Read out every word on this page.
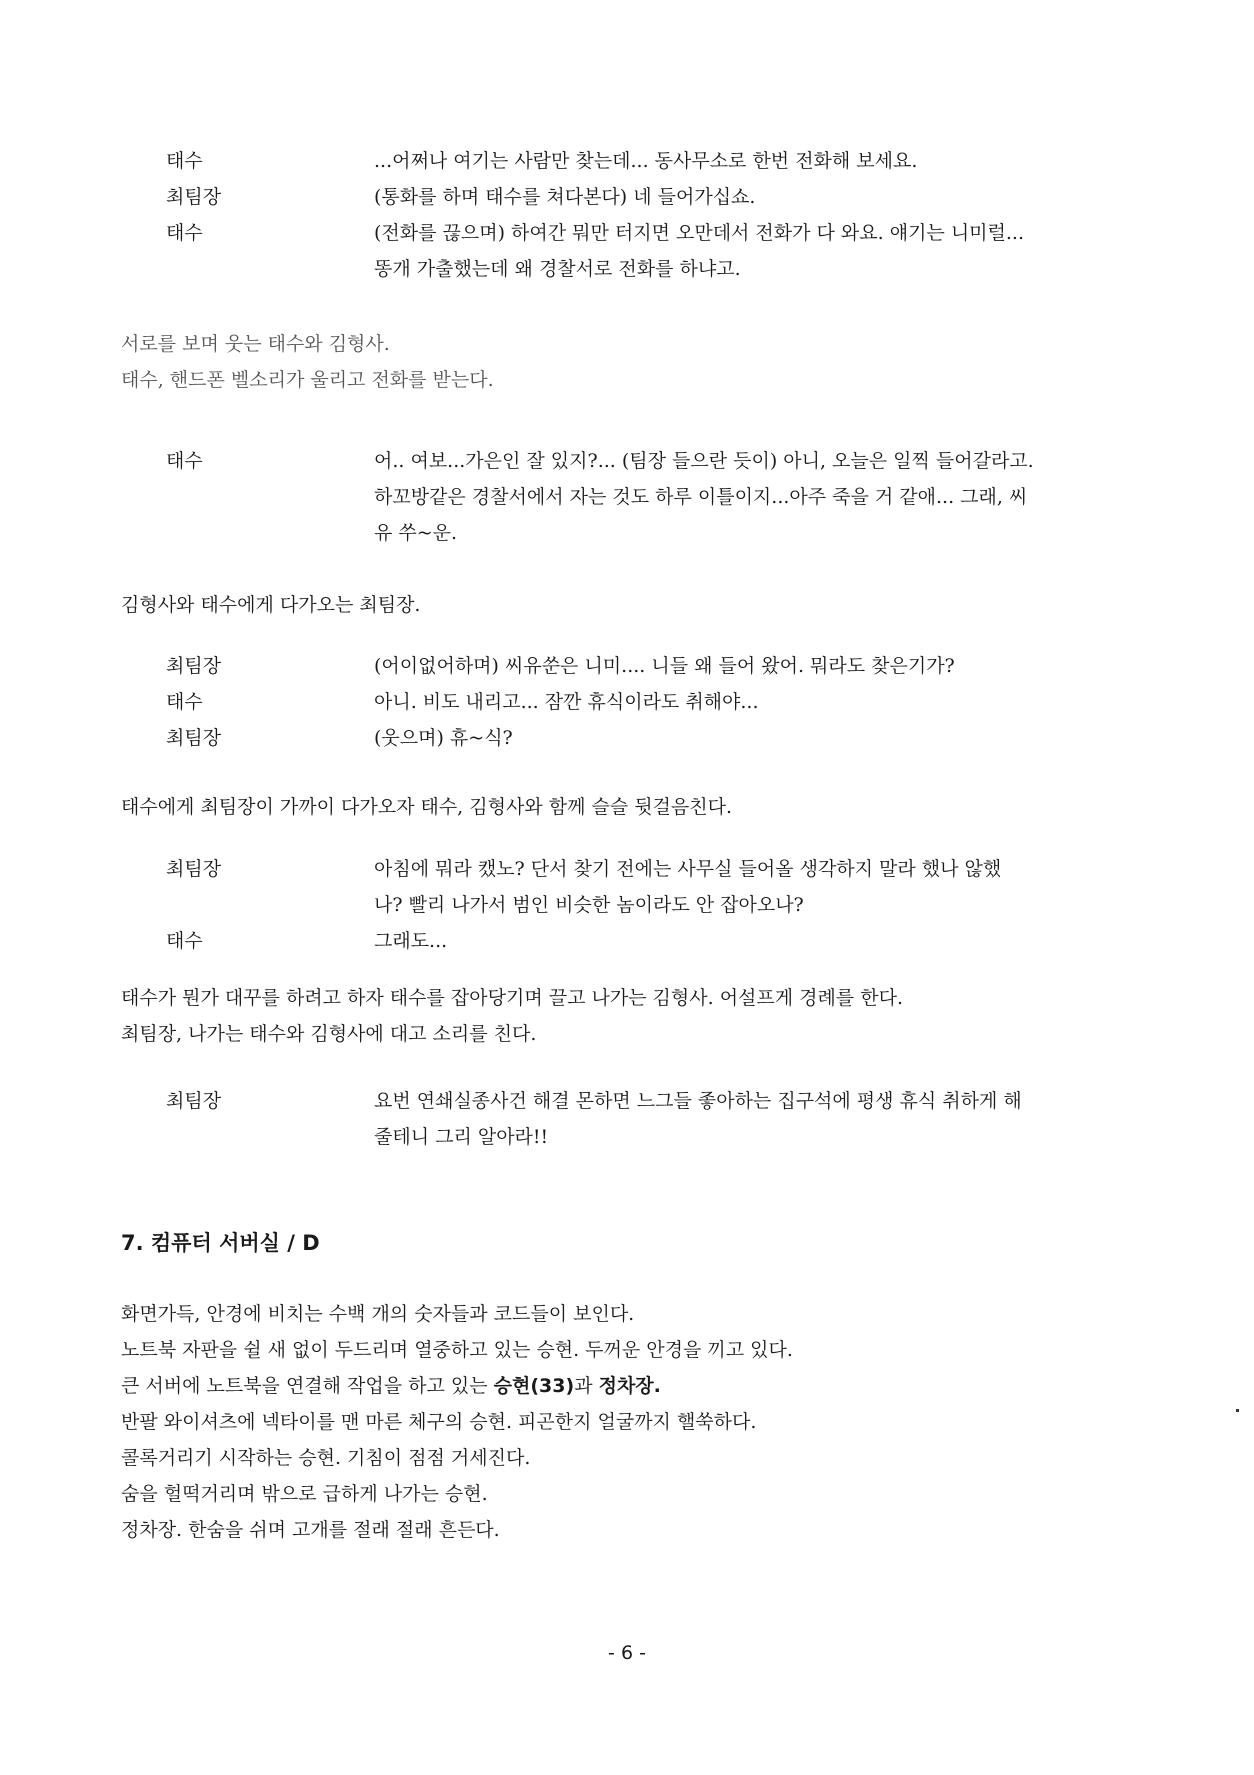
태수	...어쩌나 여기는 사람만 찾는데... 동사무소로 한번 전화해 보세요.
최팀장	(통화를 하며 태수를 쳐다본다) 네 들어가십쇼.
태수	(전화를 끊으며) 하여간 뭐만 터지면 오만데서 전화가 다 와요. 얘기는 니미럴...
똥개 가출했는데 왜 경찰서로 전화를 하냐고.
서로를 보며 웃는 태수와 김형사.
태수, 핸드폰 벨소리가 울리고 전화를 받는다.
태수	어.. 여보...가은인 잘 있지?... (팀장 들으란 듯이) 아니, 오늘은 일찍 들어갈라고.
하꼬방같은 경찰서에서 자는 것도 하루 이틀이지...아주 죽을 거 같애... 그래, 씨
유 쑤~운.
김형사와 태수에게 다가오는 최팀장.
최팀장	(어이없어하며) 씨유쑨은 니미.... 니들 왜 들어 왔어. 뭐라도 찾은기가?
태수	아니. 비도 내리고... 잠깐 휴식이라도 취해야...
최팀장	(웃으며) 휴~식?
태수에게 최팀장이 가까이 다가오자 태수, 김형사와 함께 슬슬 뒷걸음친다.
최팀장	아침에 뭐라 캤노? 단서 찾기 전에는 사무실 들어올 생각하지 말라 했나 않했
나? 빨리 나가서 범인 비슷한 놈이라도 안 잡아오나?
태수	그래도...
태수가 뭔가 대꾸를 하려고 하자 태수를 잡아당기며 끌고 나가는 김형사. 어설프게 경례를 한다.
최팀장, 나가는 태수와 김형사에 대고 소리를 친다.
최팀장	요번 연쇄실종사건 해결 몬하면 느그들 좋아하는 집구석에 평생 휴식 취하게 해
줄테니 그리 알아라!!
7. 컴퓨터 서버실 / D
화면가득, 안경에 비치는 수백 개의 숫자들과 코드들이 보인다.
노트북 자판을 쉴 새 없이 두드리며 열중하고 있는 승현. 두꺼운 안경을 끼고 있다.
큰 서버에 노트북을 연결해 작업을 하고 있는 승현(33)과 정차장.
반팔 와이셔츠에 넥타이를 맨 마른 체구의 승현. 피곤한지 얼굴까지 핼쑥하다.
콜록거리기 시작하는 승현. 기침이 점점 거세진다.
숨을 헐떡거리며 밖으로 급하게 나가는 승현.
정차장. 한숨을 쉬며 고개를 절래 절래 흔든다.
- 6 -
